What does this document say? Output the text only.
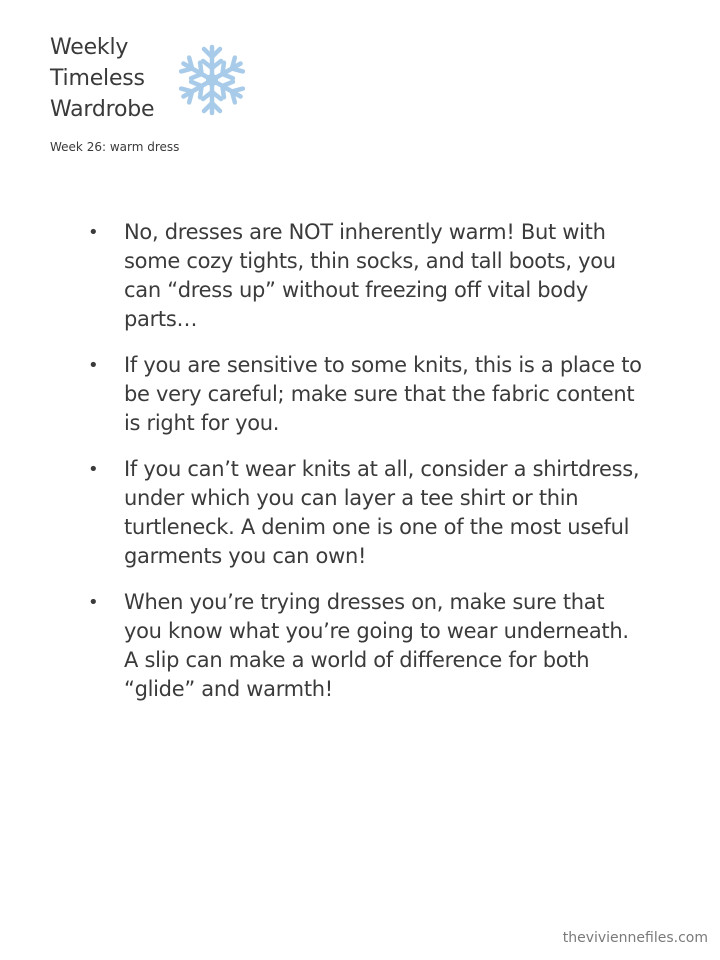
Weekly
Timeless
Wardrobe
Week 26: warm dress
• No, dresses are NOT inherently warm! But with some cozy tights, thin socks, and tall boots, you can “dress up” without freezing off vital body parts…
• If you are sensitive to some knits, this is a place to be very careful; make sure that the fabric content is right for you.
• If you can’t wear knits at all, consider a shirtdress, under which you can layer a tee shirt or thin turtleneck. A denim one is one of the most useful garments you can own!
• When you’re trying dresses on, make sure that you know what you’re going to wear underneath. A slip can make a world of difference for both “glide” and warmth!
theviviennefiles.com
